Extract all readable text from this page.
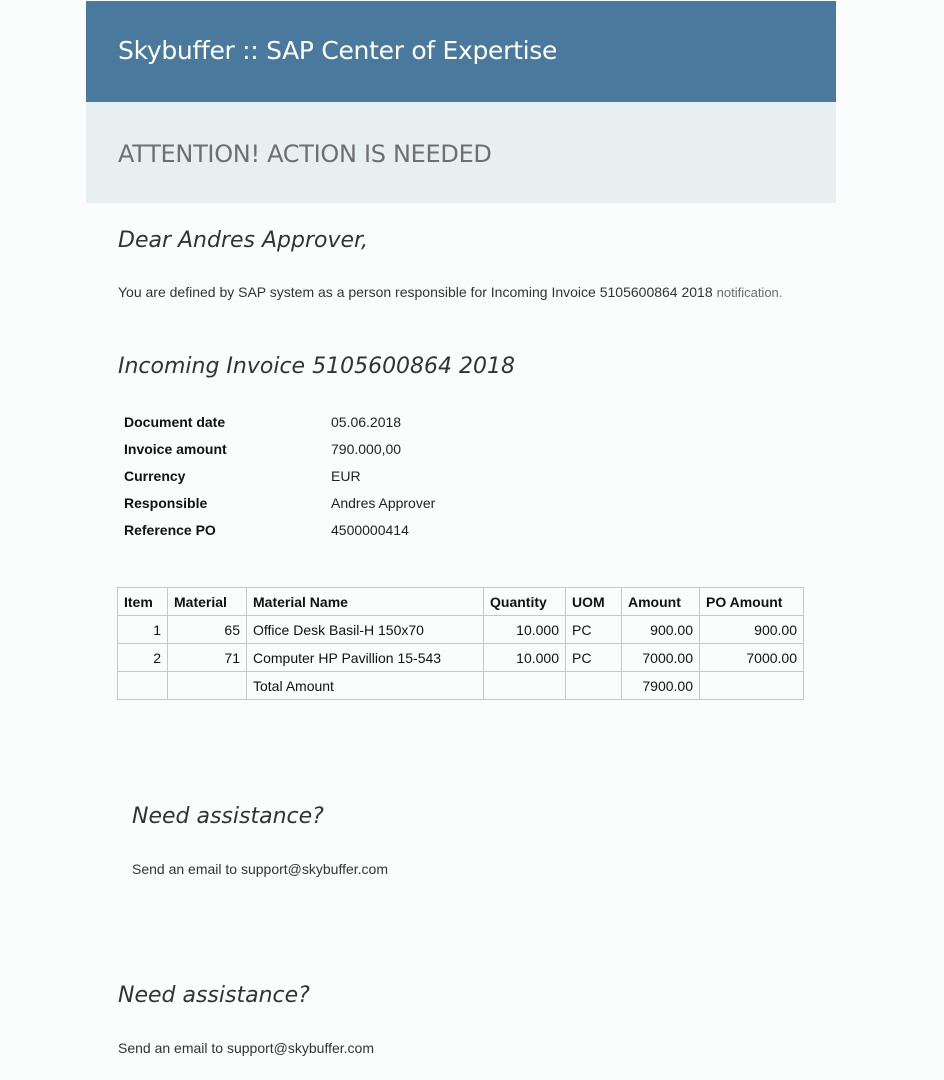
Skybuffer :: SAP Center of Expertise
ATTENTION! ACTION IS NEEDED
Dear Andres Approver,
You are defined by SAP system as a person responsible for Incoming Invoice 5105600864 2018 notification.
Incoming Invoice 5105600864 2018
Document date	05.06.2018
Invoice amount	790.000,00
Currency	EUR
Responsible	Andres Approver
Reference PO	4500000414
Item	Material	Material Name	Quantity	UOM	Amount	PO Amount
1	65	Office Desk Basil-H 150x70	10.000	PC	900.00	900.00
2	71	Computer HP Pavillion 15-543	10.000	PC	7000.00	7000.00
		Total Amount			7900.00	
Need assistance?
Send an email to support@skybuffer.com
Need assistance?
Send an email to support@skybuffer.com
